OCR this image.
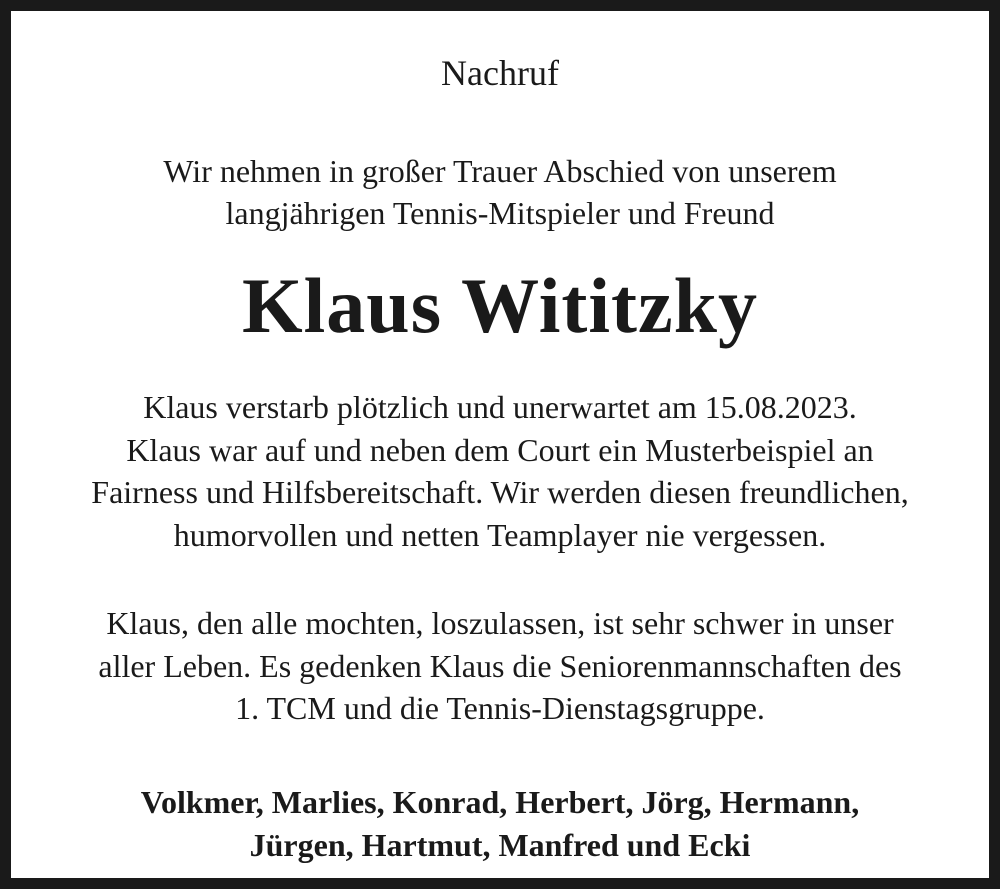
Nachruf

Wir nehmen in großer Trauer Abschied von unserem

langjährigen Tennis-Mitspieler und Freund

Klaus Wititzky

Klaus verstarb plötzlich und unerwartet am 15.08.2023.

Klaus war auf und neben dem Court ein Musterbeispiel an

Fairness und Hilfsbereitschaft. Wir werden diesen freundlichen,

humorvollen und netten Teamplayer nie vergessen.

Klaus, den alle mochten, loszulassen, ist sehr schwer in unser

aller Leben. Es gedenken Klaus die Seniorenmannschaften des

1. TCM und die Tennis-Dienstagsgruppe.

Volkmer, Marlies, Konrad, Herbert, Jörg, Hermann,

Jürgen, Hartmut, Manfred und Ecki
